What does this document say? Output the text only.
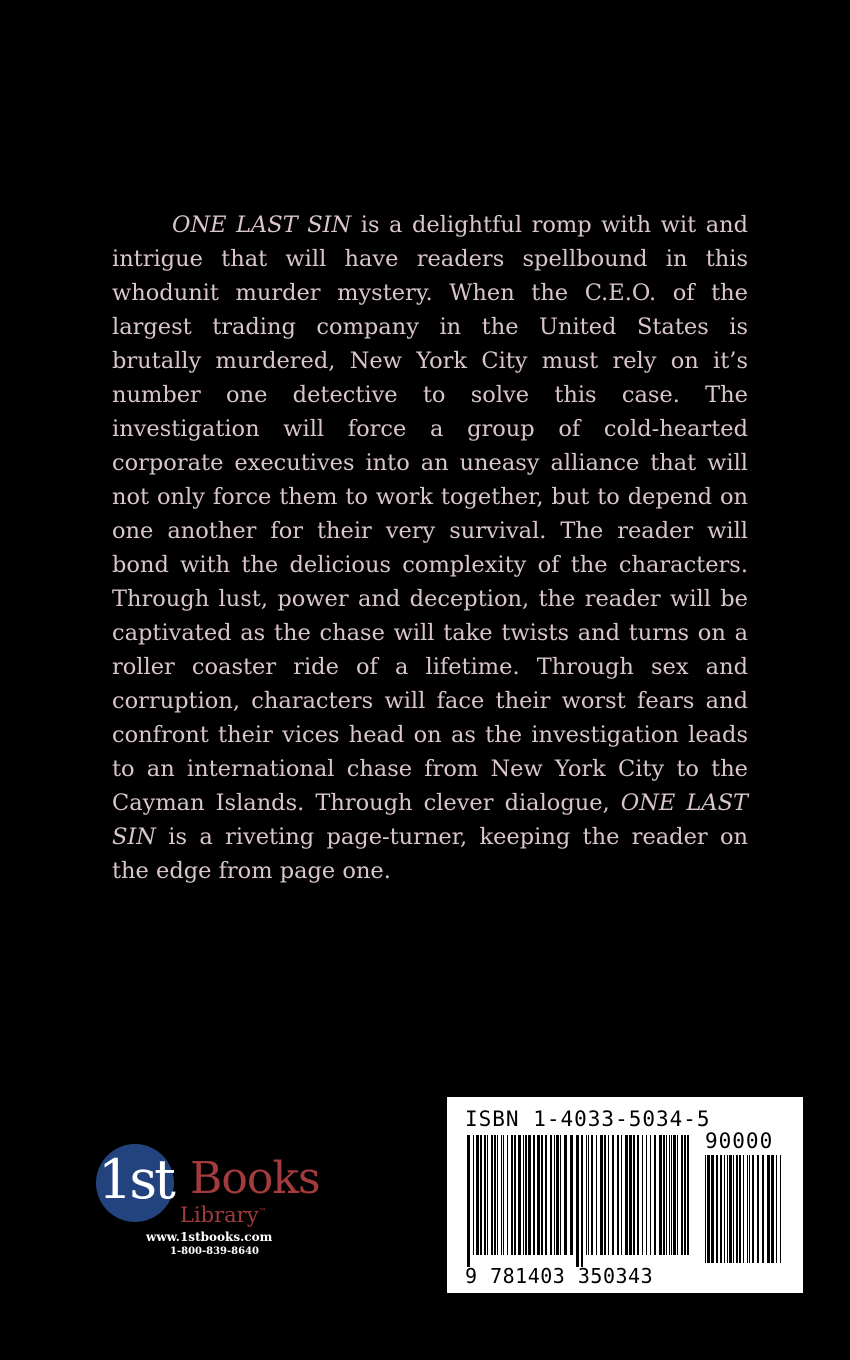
ONE LAST SIN is a delightful romp with wit and intrigue that will have readers spellbound in this whodunit murder mystery. When the C.E.O. of the largest trading company in the United States is brutally murdered, New York City must rely on it’s number one detective to solve this case. The investigation will force a group of cold-hearted corporate executives into an uneasy alliance that will not only force them to work together, but to depend on one another for their very survival. The reader will bond with the delicious complexity of the characters. Through lust, power and deception, the reader will be captivated as the chase will take twists and turns on a roller coaster ride of a lifetime. Through sex and corruption, characters will face their worst fears and confront their vices head on as the investigation leads to an international chase from New York City to the Cayman Islands. Through clever dialogue, ONE LAST SIN is a riveting page-turner, keeping the reader on the edge from page one.

1st Books
Library™
www.1stbooks.com
1-800-839-8640
ISBN 1-4033-5034-5
90000
9 781403 350343
